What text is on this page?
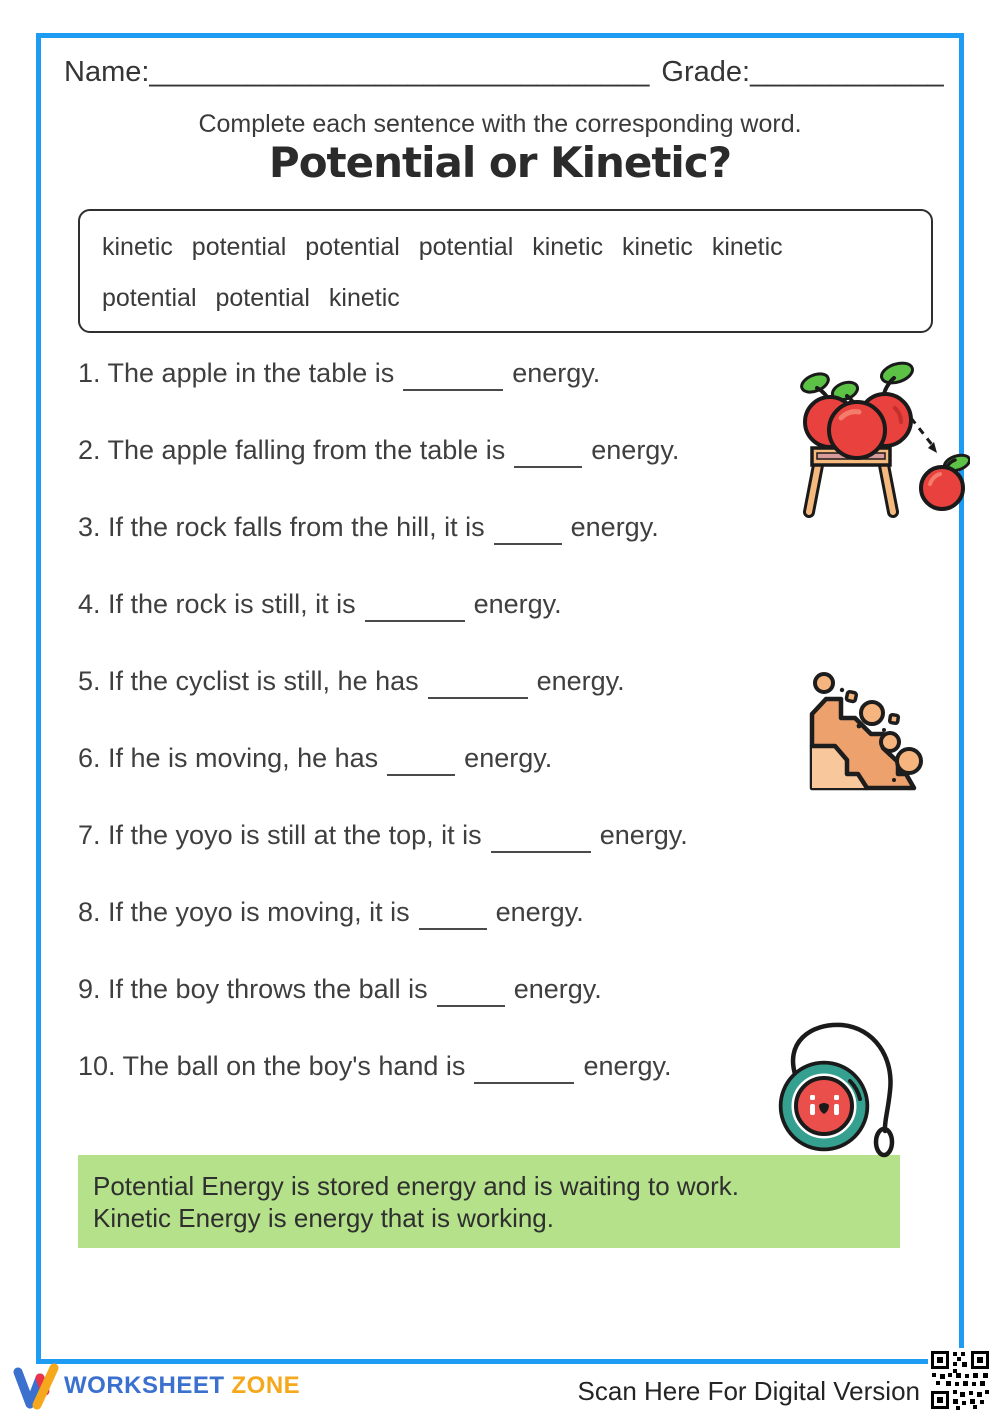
Name:_______________________________ Grade:____________
Complete each sentence with the corresponding word.
Potential or Kinetic?
kinetic potential potential potential kinetic kinetic kinetic
potential potential kinetic
1. The apple in the table is	energy.
2. The apple falling from the table is	energy.
3. If the rock falls from the hill, it is	energy.
4. If the rock is still, it is	energy.
5. If the cyclist is still, he has	energy.
6. If he is moving, he has	energy.
7. If the yoyo is still at the top, it is	energy.
8. If the yoyo is moving, it is	energy.
9. If the boy throws the ball is	energy.
10. The ball on the boy's hand is	energy.
Potential Energy is stored energy and is waiting to work.
Kinetic Energy is energy that is working.
WORKSHEET ZONE	Scan Here For Digital Version
